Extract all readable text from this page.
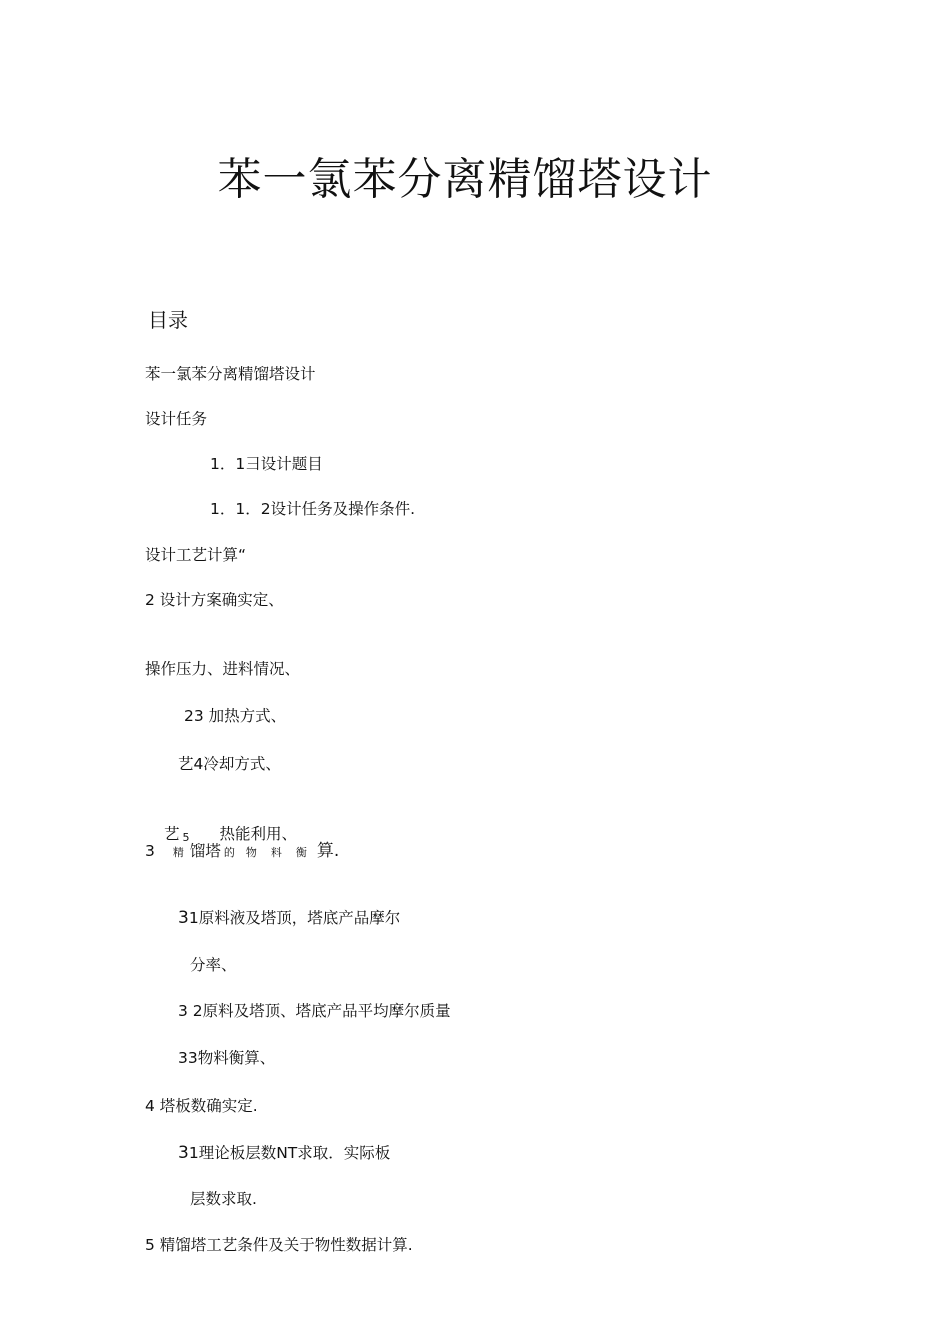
苯一氯苯分离精馏塔设计
目录
苯一氯苯分离精馏塔设计
设计任务
1．1彐设计题目
1．1．2设计任务及操作条件.
设计工艺计算“
2 设计方案确实定、
操作压力、进料情况、
23 加热方式、
艺4冷却方式、
艺 5 热能利用、
3 精 馏塔 的 物 料 衡 算.
31原料液及塔顶，塔底产品摩尔
分率、
3 2原料及塔顶、塔底产品平均摩尔质量
33物料衡算、
4 塔板数确实定.
31理论板层数NT求取．实际板
层数求取.
5 精馏塔工艺条件及关于物性数据计算.
